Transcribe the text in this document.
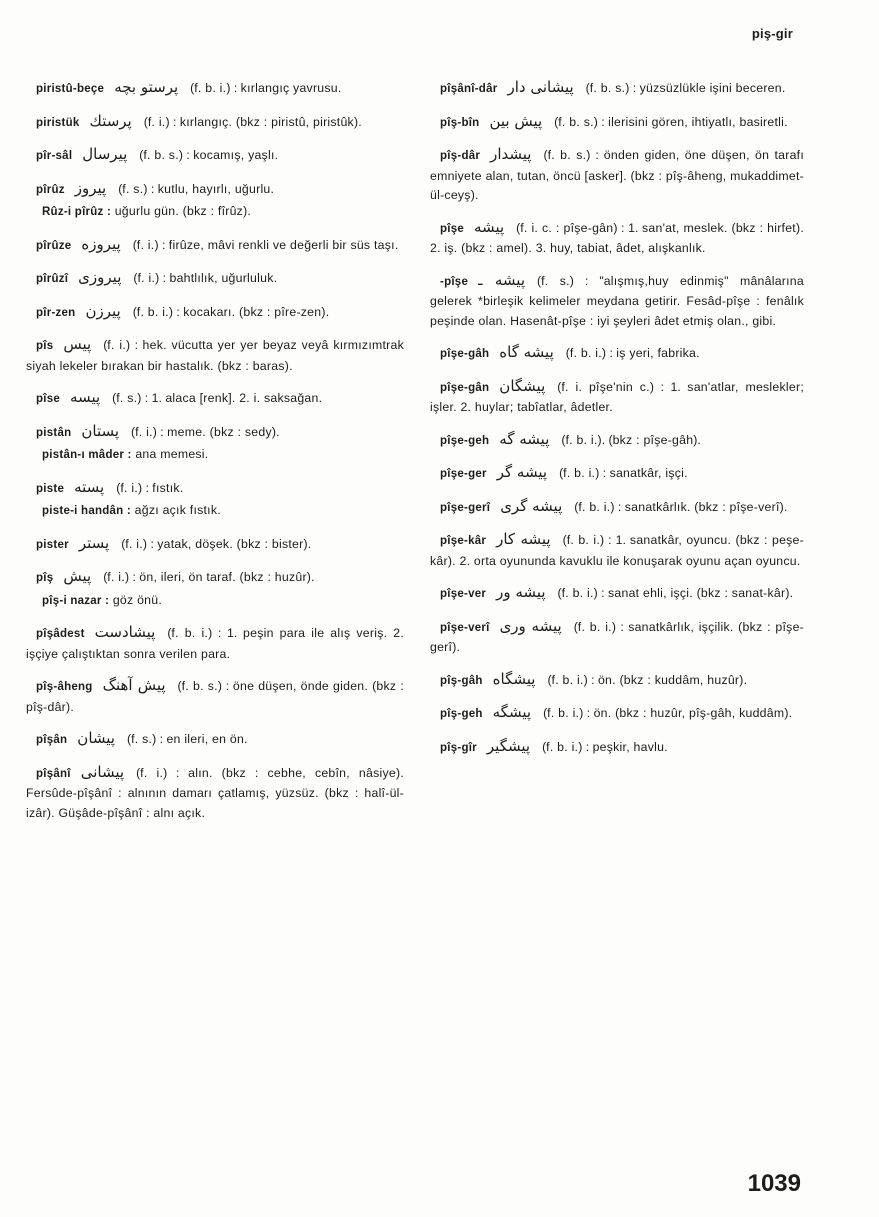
piş-gir
piristû-beçe پرستو بچه (f. b. i.) : kırlangıç yavrusu.
piristük پرستك (f. i.) : kırlangıç. (bkz : piristû, piristûk).
pîr-sâl پیرسال (f. b. s.) : kocamış, yaşlı.
pîrûz پیروز (f. s.) : kutlu, hayırlı, uğurlu.
Rûz-i pîrûz : uğurlu gün. (bkz : fîrûz).
pîrûze پیروزه (f. i.) : firûze, mâvi renkli ve değerli bir süs taşı.
pîrûzî پیروزی (f. i.) : bahtlılık, uğurluluk.
pîr-zen پیرزن (f. b. i.) : kocakarı. (bkz : pîre-zen).
pîs پیس (f. i.) : hek. vücutta yer yer beyaz veyâ kırmızımtrak siyah lekeler bırakan bir hastalık. (bkz : baras).
pîse پیسه (f. s.) : 1. alaca [renk]. 2. i. saksağan.
pistân پستان (f. i.) : meme. (bkz : sedy).
pistân-ı mâder : ana memesi.
piste پسته (f. i.) : fıstık.
piste-i handân : ağzı açık fıstık.
pister پستر (f. i.) : yatak, döşek. (bkz : bister).
pîş پیش (f. i.) : ön, ileri, ön taraf. (bkz : huzûr).
pîş-i nazar : göz önü.
pîşâdest پیشادست (f. b. i.) : 1. peşin para ile alış veriş. 2. işçiye çalıştıktan sonra verilen para.
pîş-âheng پیش آهنگ (f. b. s.) : öne düşen, önde giden. (bkz : pîş-dâr).
pîşân پیشان (f. s.) : en ileri, en ön.
pîşânî پیشانی (f. i.) : alın. (bkz : cebhe, cebîn, nâsiye). Fersûde-pîşânî : alnının damarı çatlamış, yüzsüz. (bkz : halî-ül-izâr). Güşâde-pîşânî : alnı açık.
pîşânî-dâr پیشانی دار (f. b. s.) : yüzsüzlükle işini beceren.
pîş-bîn پیش بین (f. b. s.) : ilerisini gören, ihtiyatlı, basiretli.
pîş-dâr پیشدار (f. b. s.) : önden giden, öne düşen, ön tarafı emniyete alan, tutan, öncü [asker]. (bkz : pîş-âheng, mukaddimet-ül-ceyş).
pîşe پیشه (f. i. c. : pîşe-gân) : 1. san'at, meslek. (bkz : hirfet). 2. iş. (bkz : amel). 3. huy, tabiat, âdet, alışkanlık.
-pîşe پیشه ـ (f. s.) : "alışmış,huy edinmiş" mânâlarına gelerek *birleşik kelimeler meydana getirir. Fesâd-pîşe : fenâlık peşinde olan. Hasenât-pîşe : iyi şeyleri âdet etmiş olan., gibi.
pîşe-gâh پیشه گاه (f. b. i.) : iş yeri, fabrika.
pîşe-gân پیشگان (f. i. pîşe'nin c.) : 1. san'atlar, meslekler; işler. 2. huylar; tabîatlar, âdetler.
pîşe-geh پیشه گه (f. b. i.). (bkz : pîşe-gâh).
pîşe-ger پیشه گر (f. b. i.) : sanatkâr, işçi.
pîşe-gerî پیشه گری (f. b. i.) : sanatkârlık. (bkz : pîşe-verî).
pîşe-kâr پیشه کار (f. b. i.) : 1. sanatkâr, oyuncu. (bkz : peşe-kâr). 2. orta oyununda kavuklu ile konuşarak oyunu açan oyuncu.
pîşe-ver پیشه ور (f. b. i.) : sanat ehli, işçi. (bkz : sanat-kâr).
pîşe-verî پیشه وری (f. b. i.) : sanatkârlık, işçilik. (bkz : pîşe-gerî).
pîş-gâh پیشگاه (f. b. i.) : ön. (bkz : kuddâm, huzûr).
pîş-geh پیشگه (f. b. i.) : ön. (bkz : huzûr, pîş-gâh, kuddâm).
pîş-gîr پیشگیر (f. b. i.) : peşkir, havlu.
1039
